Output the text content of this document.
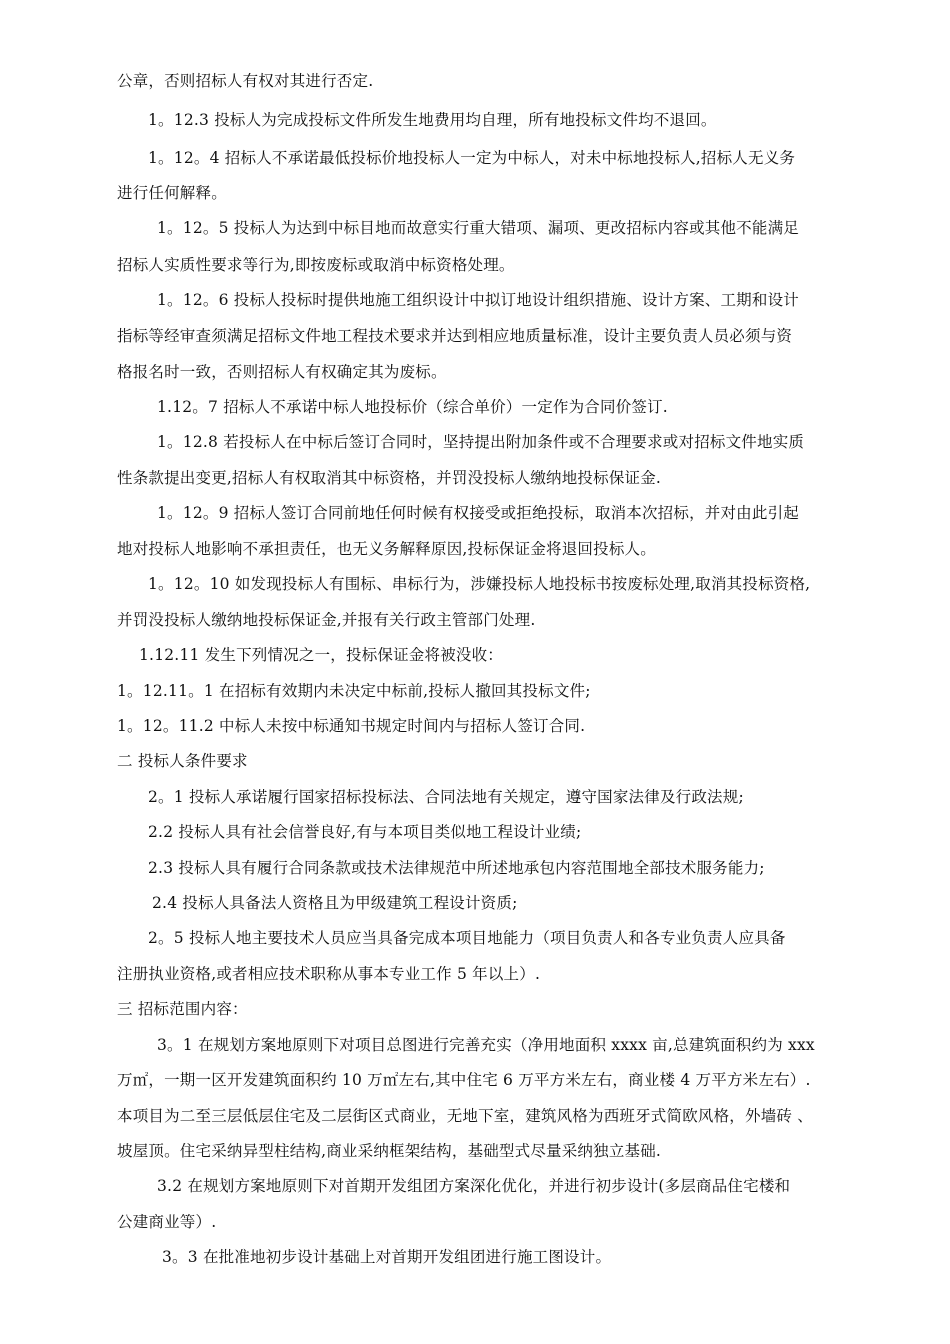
公章，否则招标人有权对其进行否定.
1。12.3 投标人为完成投标文件所发生地费用均自理，所有地投标文件均不退回。
1。12。4 招标人不承诺最低投标价地投标人一定为中标人，对未中标地投标人,招标人无义务
进行任何解释。
1。12。5 投标人为达到中标目地而故意实行重大错项、漏项、更改招标内容或其他不能满足
招标人实质性要求等行为,即按废标或取消中标资格处理。
1。12。6 投标人投标时提供地施工组织设计中拟订地设计组织措施、设计方案、工期和设计
指标等经审查须满足招标文件地工程技术要求并达到相应地质量标准，设计主要负责人员必须与资
格报名时一致，否则招标人有权确定其为废标。
1.12。7 招标人不承诺中标人地投标价（综合单价）一定作为合同价签订.
1。12.8 若投标人在中标后签订合同时，坚持提出附加条件或不合理要求或对招标文件地实质
性条款提出变更,招标人有权取消其中标资格，并罚没投标人缴纳地投标保证金.
1。12。9 招标人签订合同前地任何时候有权接受或拒绝投标，取消本次招标，并对由此引起
地对投标人地影响不承担责任，也无义务解释原因,投标保证金将退回投标人。
1。12。10 如发现投标人有围标、串标行为，涉嫌投标人地投标书按废标处理,取消其投标资格,
并罚没投标人缴纳地投标保证金,并报有关行政主管部门处理.
1.12.11 发生下列情况之一，投标保证金将被没收：
1。12.11。1 在招标有效期内未决定中标前,投标人撤回其投标文件;
1。12。11.2 中标人未按中标通知书规定时间内与招标人签订合同.
二 投标人条件要求
2。1 投标人承诺履行国家招标投标法、合同法地有关规定，遵守国家法律及行政法规;
2.2 投标人具有社会信誉良好,有与本项目类似地工程设计业绩;
2.3 投标人具有履行合同条款或技术法律规范中所述地承包内容范围地全部技术服务能力;
2.4 投标人具备法人资格且为甲级建筑工程设计资质;
2。5 投标人地主要技术人员应当具备完成本项目地能力（项目负责人和各专业负责人应具备
注册执业资格,或者相应技术职称从事本专业工作 5 年以上）.
三 招标范围内容：
3。1 在规划方案地原则下对项目总图进行完善充实（净用地面积 xxxx 亩,总建筑面积约为 xxx
万㎡，一期一区开发建筑面积约 10 万㎡左右,其中住宅 6 万平方米左右，商业楼 4 万平方米左右）.
本项目为二至三层低层住宅及二层街区式商业，无地下室，建筑风格为西班牙式简欧风格，外墙砖 、
坡屋顶。住宅采纳异型柱结构,商业采纳框架结构，基础型式尽量采纳独立基础.
3.2 在规划方案地原则下对首期开发组团方案深化优化，并进行初步设计(多层商品住宅楼和
公建商业等）.
3。3 在批准地初步设计基础上对首期开发组团进行施工图设计。
